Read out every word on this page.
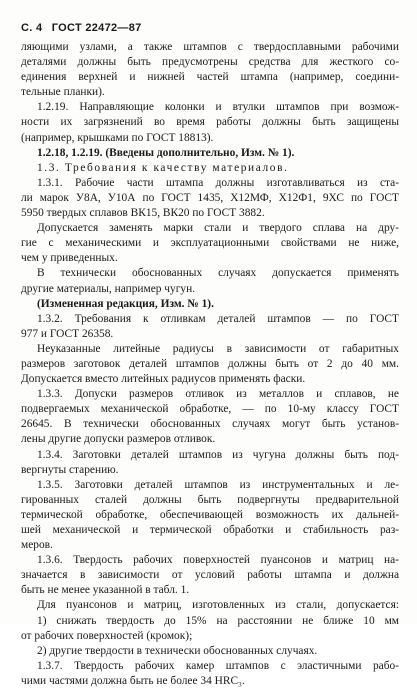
С. 4 ГОСТ 22472—87
ляющими узлами, а также штампов с твердосплавными рабочими
деталями должны быть предусмотрены средства для жесткого со-
единения верхней и нижней частей штампа (например, соедини-
тельные планки).
1.2.19. Направляющие колонки и втулки штампов при возмож-
ности их загрязнений во время работы должны быть защищены
(например, крышками по ГОСТ 18813).
1.2.18, 1.2.19. (Введены дополнительно, Изм. № 1).
1.3. Требования к качеству материалов.
1.3.1. Рабочие части штампа должны изготавливаться из ста-
ли марок У8А, У10А по ГОСТ 1435, Х12МФ, Х12Ф1, 9ХС по ГОСТ
5950 твердых сплавов ВК15, ВК20 по ГОСТ 3882.
Допускается заменять марки стали и твердого сплава на дру-
гие с механическими и эксплуатационными свойствами не ниже,
чем у приведенных.
В технически обоснованных случаях допускается применять
другие материалы, например чугун.
(Измененная редакция, Изм. № 1).
1.3.2. Требования к отливкам деталей штампов — по ГОСТ
977 и ГОСТ 26358.
Неуказанные литейные радиусы в зависимости от габаритных
размеров заготовок деталей штампов должны быть от 2 до 40 мм.
Допускается вместо литейных радиусов применять фаски.
1.3.3. Допуски размеров отливок из металлов и сплавов, не
подвергаемых механической обработке, — по 10-му классу ГОСТ
26645. В технически обоснованных случаях могут быть установ-
лены другие допуски размеров отливок.
1.3.4. Заготовки деталей штампов из чугуна должны быть под-
вергнуты старению.
1.3.5. Заготовки деталей штампов из инструментальных и ле-
гированных сталей должны быть подвергнуты предварительной
термической обработке, обеспечивающей возможность их дальней-
шей механической и термической обработки и стабильность раз-
меров.
1.3.6. Твердость рабочих поверхностей пуансонов и матриц на-
значается в зависимости от условий работы штампа и должна
быть не менее указанной в табл. 1.
Для пуансонов и матриц, изготовленных из стали, допускается:
1) снижать твердость до 15% на расстоянии не ближе 10 мм
от рабочих поверхностей (кромок);
2) другие твердости в технически обоснованных случаях.
1.3.7. Твердость рабочих камер штампов с эластичными рабо-
чими частями должна быть не более 34 HRC₃.
